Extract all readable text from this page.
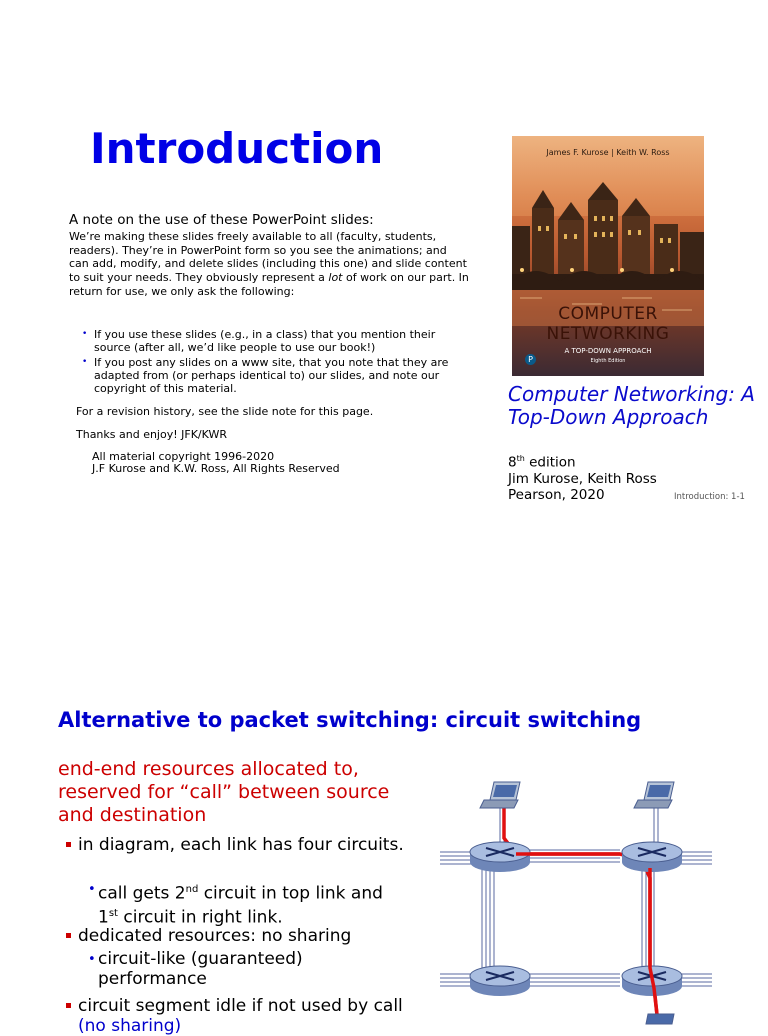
Introduction
A note on the use of these PowerPoint slides:
We’re making these slides freely available to all (faculty, students, readers). They’re in PowerPoint form so you see the animations; and can add, modify, and delete slides (including this one) and slide content to suit your needs. They obviously represent a lot of work on our part. In return for use, we only ask the following:
• If you use these slides (e.g., in a class) that you mention their source (after all, we’d like people to use our book!)
• If you post any slides on a www site, that you note that they are adapted from (or perhaps identical to) our slides, and note our copyright of this material.
For a revision history, see the slide note for this page.
Thanks and enjoy! JFK/KWR
All material copyright 1996-2020
J.F Kurose and K.W. Ross, All Rights Reserved
James F. Kurose | Keith W. Ross
COMPUTER
NETWORKING
A TOP-DOWN APPROACH
Eighth Edition
P
Computer Networking: A Top-Down Approach
8th edition
Jim Kurose, Keith Ross
Pearson, 2020	Introduction: 1-1
Alternative to packet switching: circuit switching
end-end resources allocated to, reserved for “call” between source and destination
in diagram, each link has four circuits.
• call gets 2nd circuit in top link and 1st circuit in right link.
dedicated resources: no sharing
• circuit-like (guaranteed) performance
circuit segment idle if not used by call (no sharing)
